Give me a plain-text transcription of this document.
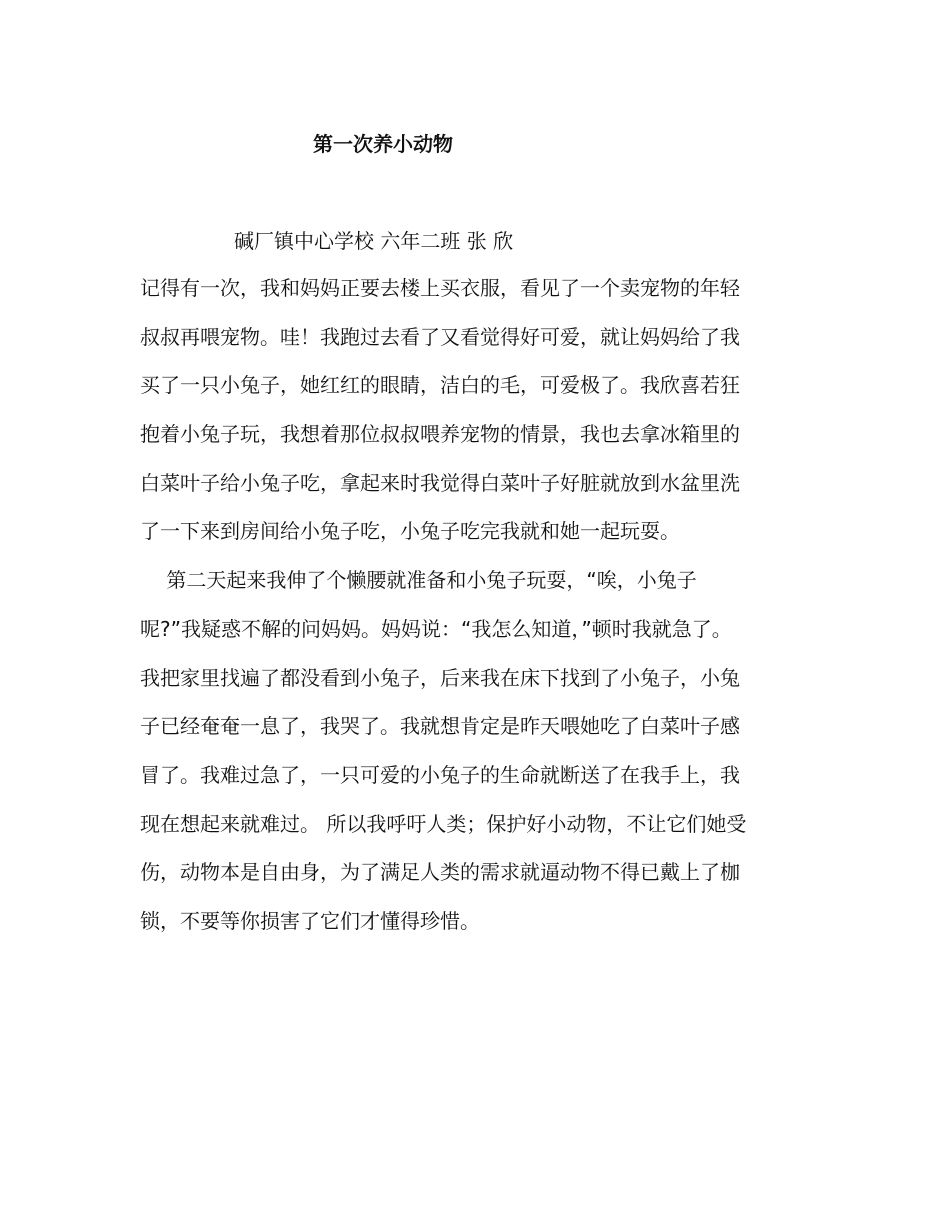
第一次养小动物
碱厂镇中心学校 六年二班 张 欣
记得有一次，我和妈妈正要去楼上买衣服，看见了一个卖宠物的年轻
叔叔再喂宠物。哇！我跑过去看了又看觉得好可爱，就让妈妈给了我
买了一只小兔子，她红红的眼睛，洁白的毛，可爱极了。我欣喜若狂
抱着小兔子玩，我想着那位叔叔喂养宠物的情景，我也去拿冰箱里的
白菜叶子给小兔子吃，拿起来时我觉得白菜叶子好脏就放到水盆里洗
了一下来到房间给小兔子吃，小兔子吃完我就和她一起玩耍。
　 第二天起来我伸了个懒腰就准备和小兔子玩耍，“唉，小兔子
呢?”我疑惑不解的问妈妈。妈妈说：“我怎么知道，”顿时我就急了。
我把家里找遍了都没看到小兔子，后来我在床下找到了小兔子，小兔
子已经奄奄一息了，我哭了。我就想肯定是昨天喂她吃了白菜叶子感
冒了。我难过急了，一只可爱的小兔子的生命就断送了在我手上，我
现在想起来就难过。 所以我呼吁人类；保护好小动物，不让它们她受
伤，动物本是自由身，为了满足人类的需求就逼动物不得已戴上了枷
锁，不要等你损害了它们才懂得珍惜。
